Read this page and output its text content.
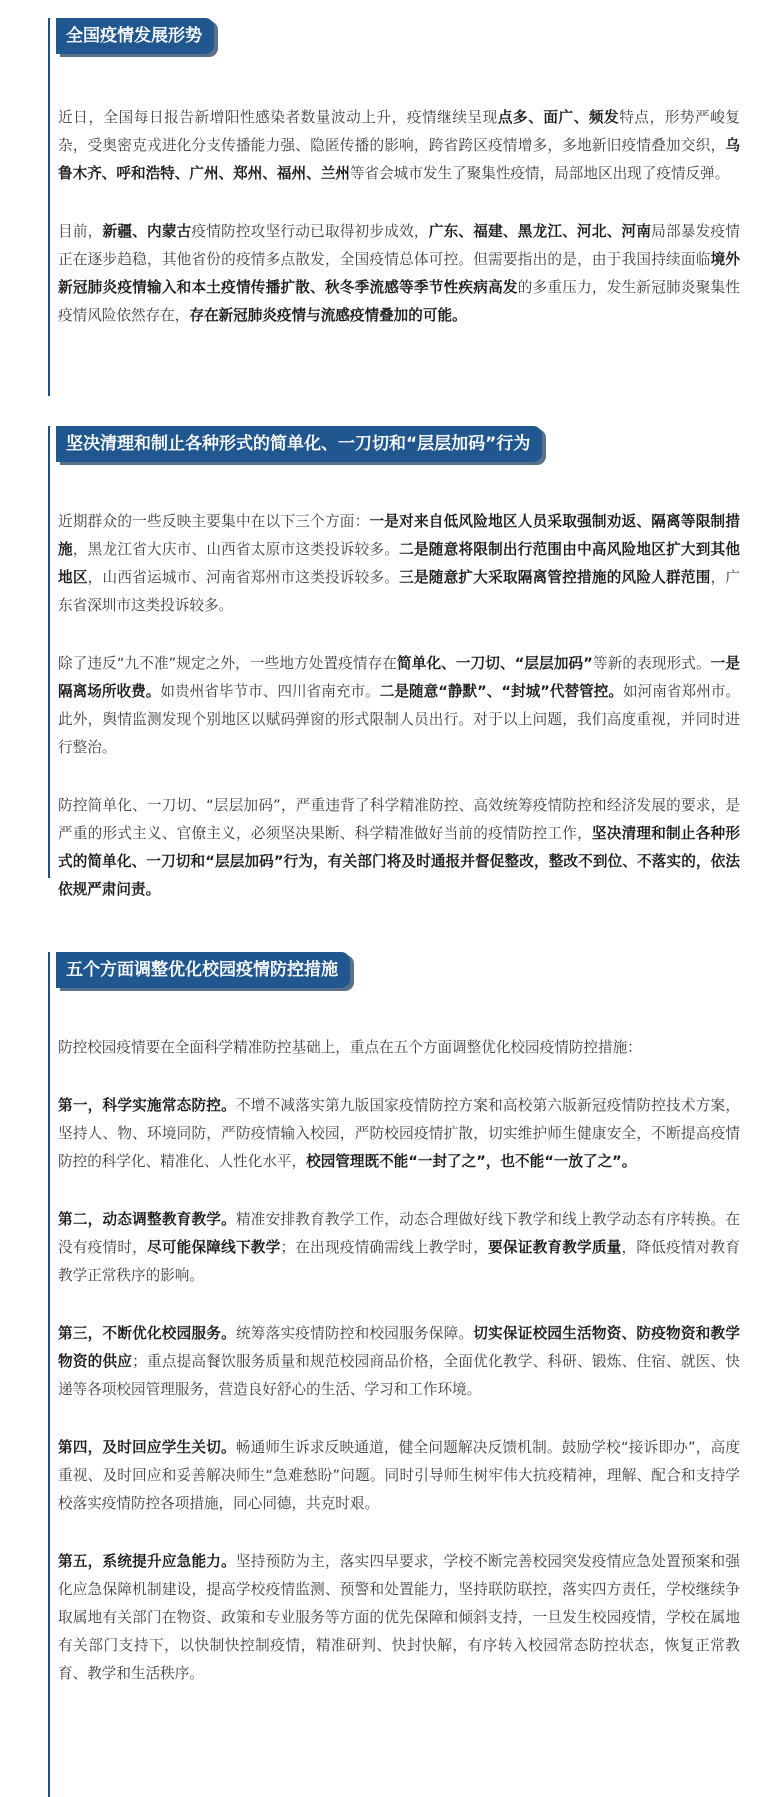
全国疫情发展形势

近日，全国每日报告新增阳性感染者数量波动上升，疫情继续呈现点多、面广、频发特点，形势严峻复杂，受奥密克戎进化分支传播能力强、隐匿传播的影响，跨省跨区疫情增多，多地新旧疫情叠加交织，乌鲁木齐、呼和浩特、广州、郑州、福州、兰州等省会城市发生了聚集性疫情，局部地区出现了疫情反弹。

目前，新疆、内蒙古疫情防控攻坚行动已取得初步成效，广东、福建、黑龙江、河北、河南局部暴发疫情正在逐步趋稳，其他省份的疫情多点散发，全国疫情总体可控。但需要指出的是，由于我国持续面临境外新冠肺炎疫情输入和本土疫情传播扩散、秋冬季流感等季节性疾病高发的多重压力，发生新冠肺炎聚集性疫情风险依然存在，存在新冠肺炎疫情与流感疫情叠加的可能。

坚决清理和制止各种形式的简单化、一刀切和“层层加码”行为

近期群众的一些反映主要集中在以下三个方面：一是对来自低风险地区人员采取强制劝返、隔离等限制措施，黑龙江省大庆市、山西省太原市这类投诉较多。二是随意将限制出行范围由中高风险地区扩大到其他地区，山西省运城市、河南省郑州市这类投诉较多。三是随意扩大采取隔离管控措施的风险人群范围，广东省深圳市这类投诉较多。

除了违反“九不准”规定之外，一些地方处置疫情存在简单化、一刀切、“层层加码”等新的表现形式。一是隔离场所收费。如贵州省毕节市、四川省南充市。二是随意“静默”、“封城”代替管控。如河南省郑州市。此外，舆情监测发现个别地区以赋码弹窗的形式限制人员出行。对于以上问题，我们高度重视，并同时进行整治。

防控简单化、一刀切、“层层加码”，严重违背了科学精准防控、高效统筹疫情防控和经济发展的要求，是严重的形式主义、官僚主义，必须坚决果断、科学精准做好当前的疫情防控工作，坚决清理和制止各种形式的简单化、一刀切和“层层加码”行为，有关部门将及时通报并督促整改，整改不到位、不落实的，依法依规严肃问责。

五个方面调整优化校园疫情防控措施

防控校园疫情要在全面科学精准防控基础上，重点在五个方面调整优化校园疫情防控措施：

第一，科学实施常态防控。不增不减落实第九版国家疫情防控方案和高校第六版新冠疫情防控技术方案，坚持人、物、环境同防，严防疫情输入校园，严防校园疫情扩散，切实维护师生健康安全，不断提高疫情防控的科学化、精准化、人性化水平，校园管理既不能“一封了之”，也不能“一放了之”。

第二，动态调整教育教学。精准安排教育教学工作，动态合理做好线下教学和线上教学动态有序转换。在没有疫情时，尽可能保障线下教学；在出现疫情确需线上教学时，要保证教育教学质量，降低疫情对教育教学正常秩序的影响。

第三，不断优化校园服务。统筹落实疫情防控和校园服务保障。切实保证校园生活物资、防疫物资和教学物资的供应；重点提高餐饮服务质量和规范校园商品价格，全面优化教学、科研、锻炼、住宿、就医、快递等各项校园管理服务，营造良好舒心的生活、学习和工作环境。

第四，及时回应学生关切。畅通师生诉求反映通道，健全问题解决反馈机制。鼓励学校“接诉即办”，高度重视、及时回应和妥善解决师生“急难愁盼”问题。同时引导师生树牢伟大抗疫精神，理解、配合和支持学校落实疫情防控各项措施，同心同德，共克时艰。

第五，系统提升应急能力。坚持预防为主，落实四早要求，学校不断完善校园突发疫情应急处置预案和强化应急保障机制建设，提高学校疫情监测、预警和处置能力，坚持联防联控，落实四方责任，学校继续争取属地有关部门在物资、政策和专业服务等方面的优先保障和倾斜支持，一旦发生校园疫情，学校在属地有关部门支持下，以快制快控制疫情，精准研判、快封快解，有序转入校园常态防控状态，恢复正常教育、教学和生活秩序。
